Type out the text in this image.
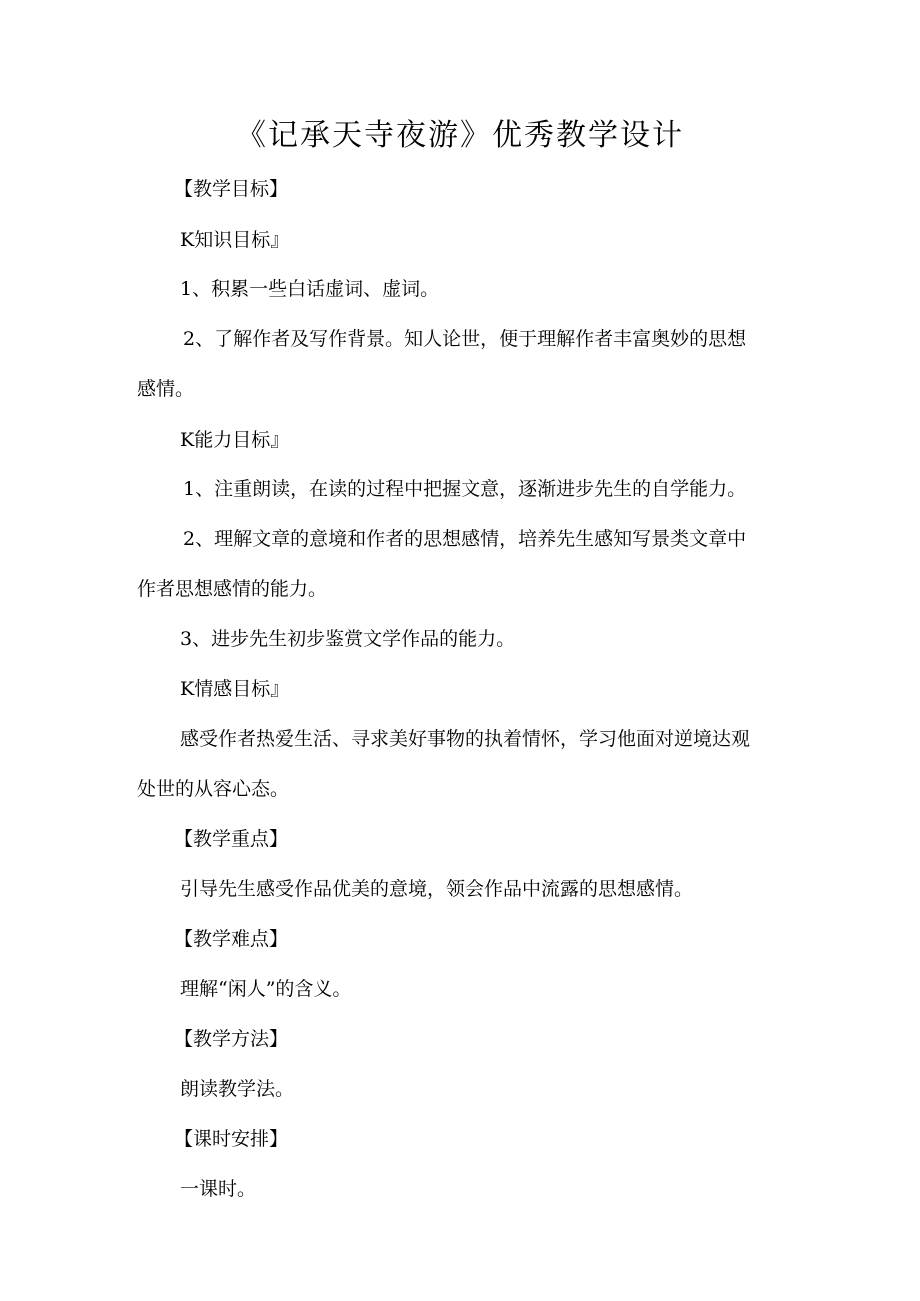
《记承天寺夜游》优秀教学设计

【教学目标】

K知识目标』

1、积累一些白话虚词、虚词。

2、了解作者及写作背景。知人论世，便于理解作者丰富奥妙的思想

感情。

K能力目标』

1、注重朗读，在读的过程中把握文意，逐渐进步先生的自学能力。

2、理解文章的意境和作者的思想感情，培养先生感知写景类文章中

作者思想感情的能力。

3、进步先生初步鉴赏文学作品的能力。

K情感目标』

感受作者热爱生活、寻求美好事物的执着情怀，学习他面对逆境达观

处世的从容心态。

【教学重点】

引导先生感受作品优美的意境，领会作品中流露的思想感情。

【教学难点】

理解“闲人”的含义。

【教学方法】

朗读教学法。

【课时安排】

一课时。
